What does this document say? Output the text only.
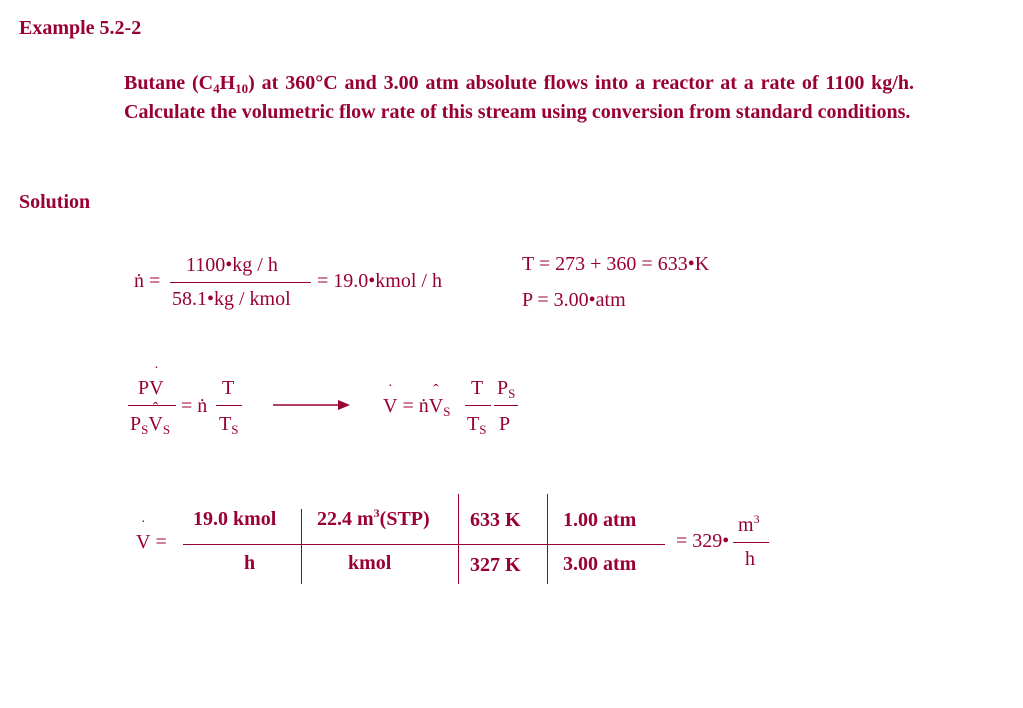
Example 5.2-2
Butane $(C_4H_{10})$ at 360°C and 3.00 atm absolute flows into a reactor at a rate of 1100 kg/h. Calculate the volumetric flow rate of this stream using conversion from standard conditions.
Solution
ṅ =
1100•kg / h
58.1•kg / kmol
= 19.0•kmol / h
T = 273 + 360 = 633•K
P = 3.00•atm
P
˙
V
$P_S$
ˆ
$V_S$
= ṅ
T
$T_S$
˙
V = ṅ
ˆ
$V_S$
T
$T_S$
$P_S$
P
˙
V =
19.0 kmol
h
22.4 $m^3(STP)$
kmol
633 K
327 K
1.00 atm
3.00 atm
= 329•
$m^3$
h
